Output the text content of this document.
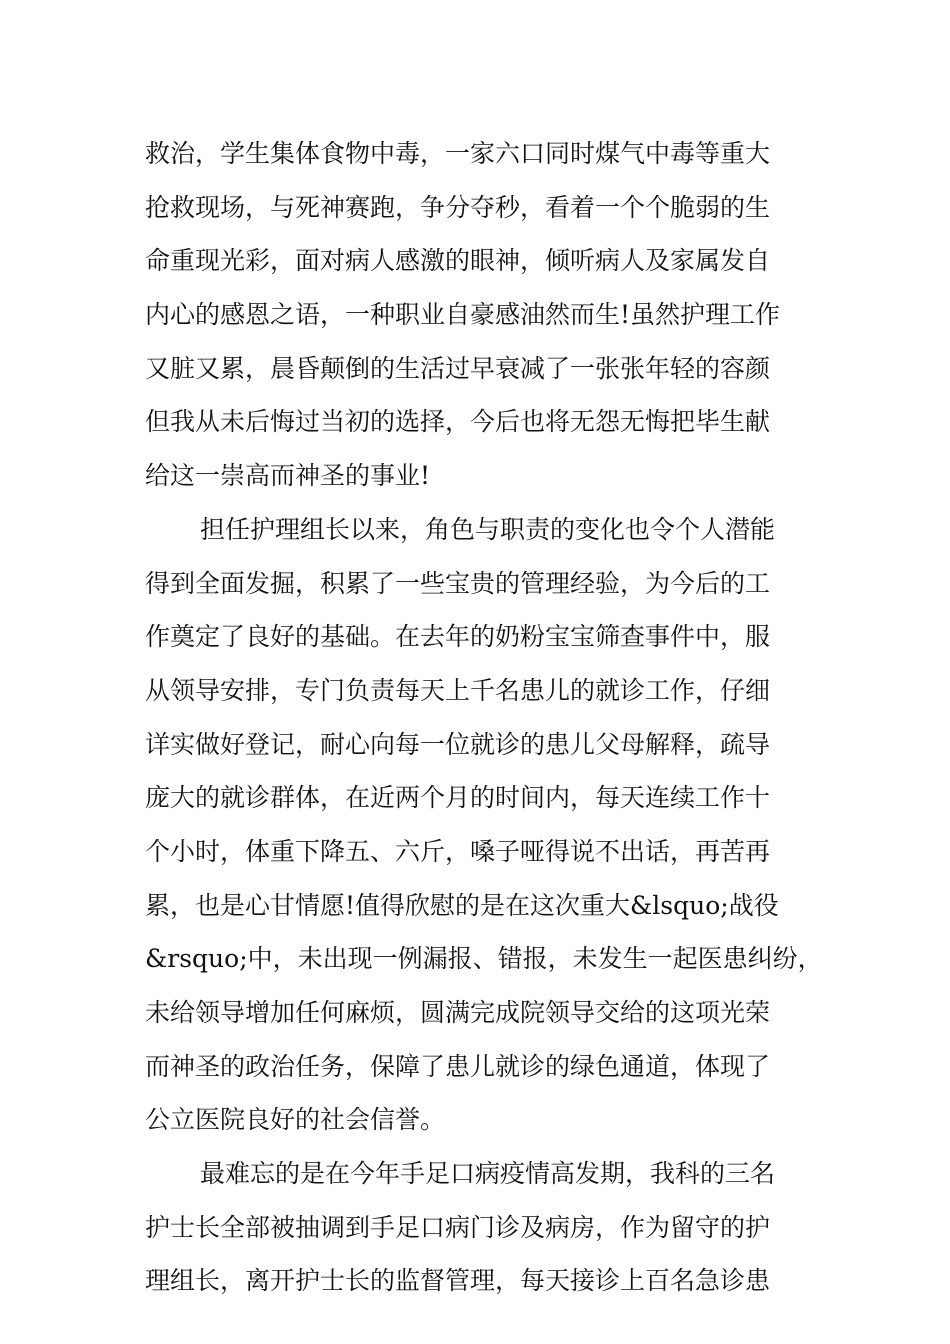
救治，学生集体食物中毒，一家六口同时煤气中毒等重大
抢救现场，与死神赛跑，争分夺秒，看着一个个脆弱的生
命重现光彩，面对病人感激的眼神，倾听病人及家属发自
内心的感恩之语，一种职业自豪感油然而生!虽然护理工作
又脏又累，晨昏颠倒的生活过早衰减了一张张年轻的容颜
但我从未后悔过当初的选择，今后也将无怨无悔把毕生献
给这一崇高而神圣的事业!
担任护理组长以来，角色与职责的变化也令个人潜能
得到全面发掘，积累了一些宝贵的管理经验，为今后的工
作奠定了良好的基础。在去年的奶粉宝宝筛查事件中，服
从领导安排，专门负责每天上千名患儿的就诊工作，仔细
详实做好登记，耐心向每一位就诊的患儿父母解释，疏导
庞大的就诊群体，在近两个月的时间内，每天连续工作十
个小时，体重下降五、六斤，嗓子哑得说不出话，再苦再
累，也是心甘情愿!值得欣慰的是在这次重大&lsquo;战役
&rsquo;中，未出现一例漏报、错报，未发生一起医患纠纷，
未给领导增加任何麻烦，圆满完成院领导交给的这项光荣
而神圣的政治任务，保障了患儿就诊的绿色通道，体现了
公立医院良好的社会信誉。
最难忘的是在今年手足口病疫情高发期，我科的三名
护士长全部被抽调到手足口病门诊及病房，作为留守的护
理组长，离开护士长的监督管理，每天接诊上百名急诊患
